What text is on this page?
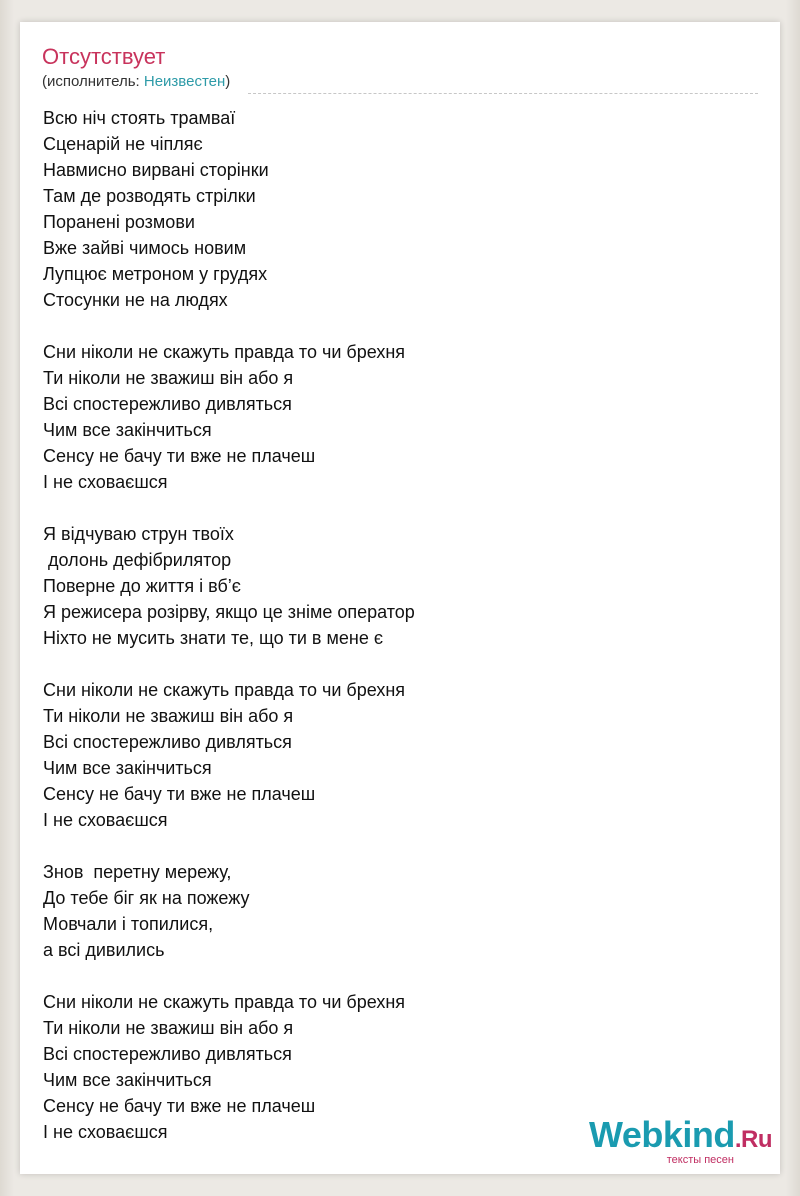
Отсутствует
(исполнитель: Неизвестен)
Всю ніч стоять трамваї
Сценарій не чіпляє
Навмисно вирвані сторінки
Там де розводять стрілки
Поранені розмови
Вже зайві чимось новим
Лупцює метроном у грудях
Стосунки не на людях
Сни ніколи не скажуть правда то чи брехня
Ти ніколи не зважиш він або я
Всі спостережливо дивляться
Чим все закінчиться
Сенсу не бачу ти вже не плачеш
І не сховаєшся
Я відчуваю струн твоїх
долонь дефібрилятор
Поверне до життя і вб’є
Я режисера розірву, якщо це зніме оператор
Ніхто не мусить знати те, що ти в мене є
Сни ніколи не скажуть правда то чи брехня
Ти ніколи не зважиш він або я
Всі спостережливо дивляться
Чим все закінчиться
Сенсу не бачу ти вже не плачеш
І не сховаєшся
Знов  перетну мережу,
До тебе біг як на пожежу
Мовчали і топилися,
а всі дивились
Сни ніколи не скажуть правда то чи брехня
Ти ніколи не зважиш він або я
Всі спостережливо дивляться
Чим все закінчиться
Сенсу не бачу ти вже не плачеш
І не сховаєшся	Webkind.Ru
тексты песен
